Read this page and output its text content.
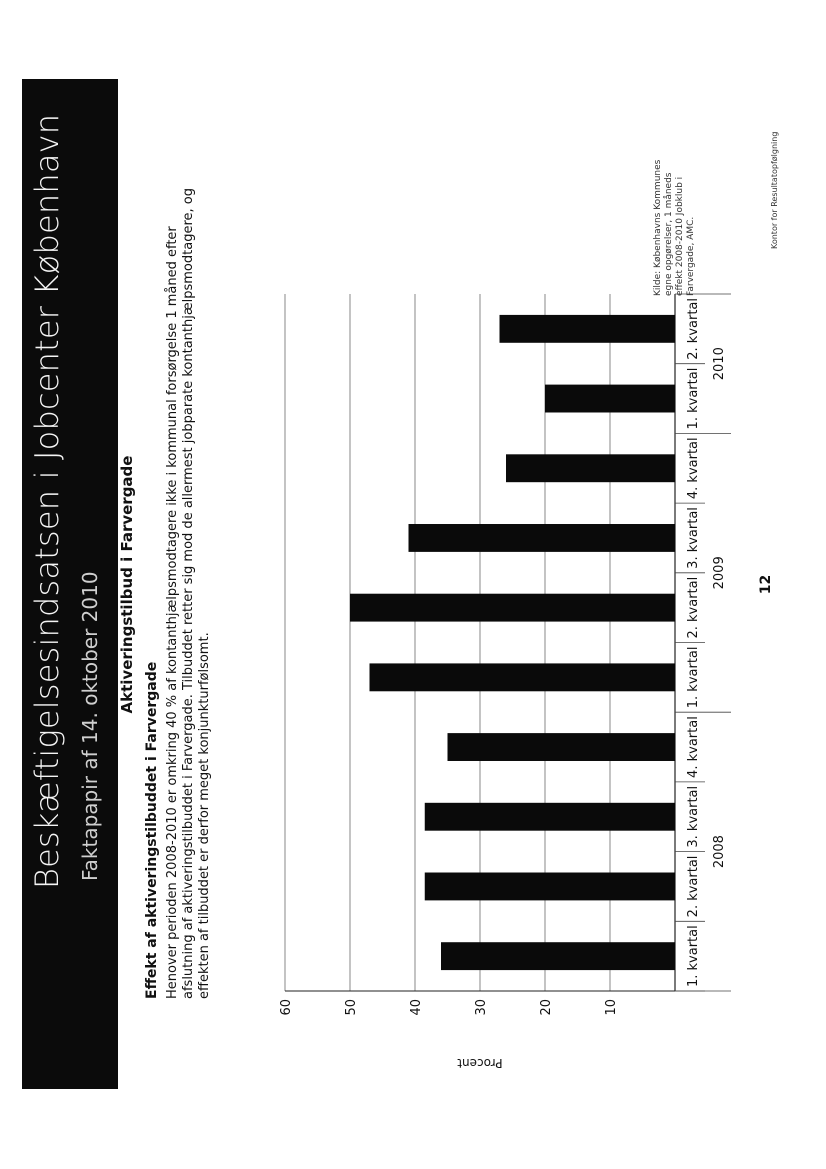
Beskæftigelsesindsatsen i Jobcenter København Faktapapir af 14. oktober 2010 Aktiveringstilbud i Farvergade
Effekt af aktiveringstilbuddet i Farvergade Henover perioden 2008-2010 er omkring 40 % af kontanthjælpsmodtagere ikke i kommunal forsørgelse 1 måned efter afslutning af aktiveringstilbuddet i Farvergade. Tilbuddet retter sig mod de allermest jobparate kontanthjælpsmodtagere, og effekten af tilbuddet er derfor meget konjunkturfølsomt.
10
20
30
40
50
60
Procent
1. kvartal
2. kvartal
3. kvartal
4. kvartal
1. kvartal
2. kvartal
3. kvartal
4. kvartal
1. kvartal
2. kvartal
2008
2009
2010
Kilde: Københavns Kommunes egne opgørelser, 1 måneds effekt 2008-2010 Jobklub i Farvergade, AMC.
12
Kontor for Resultatopfølgning
